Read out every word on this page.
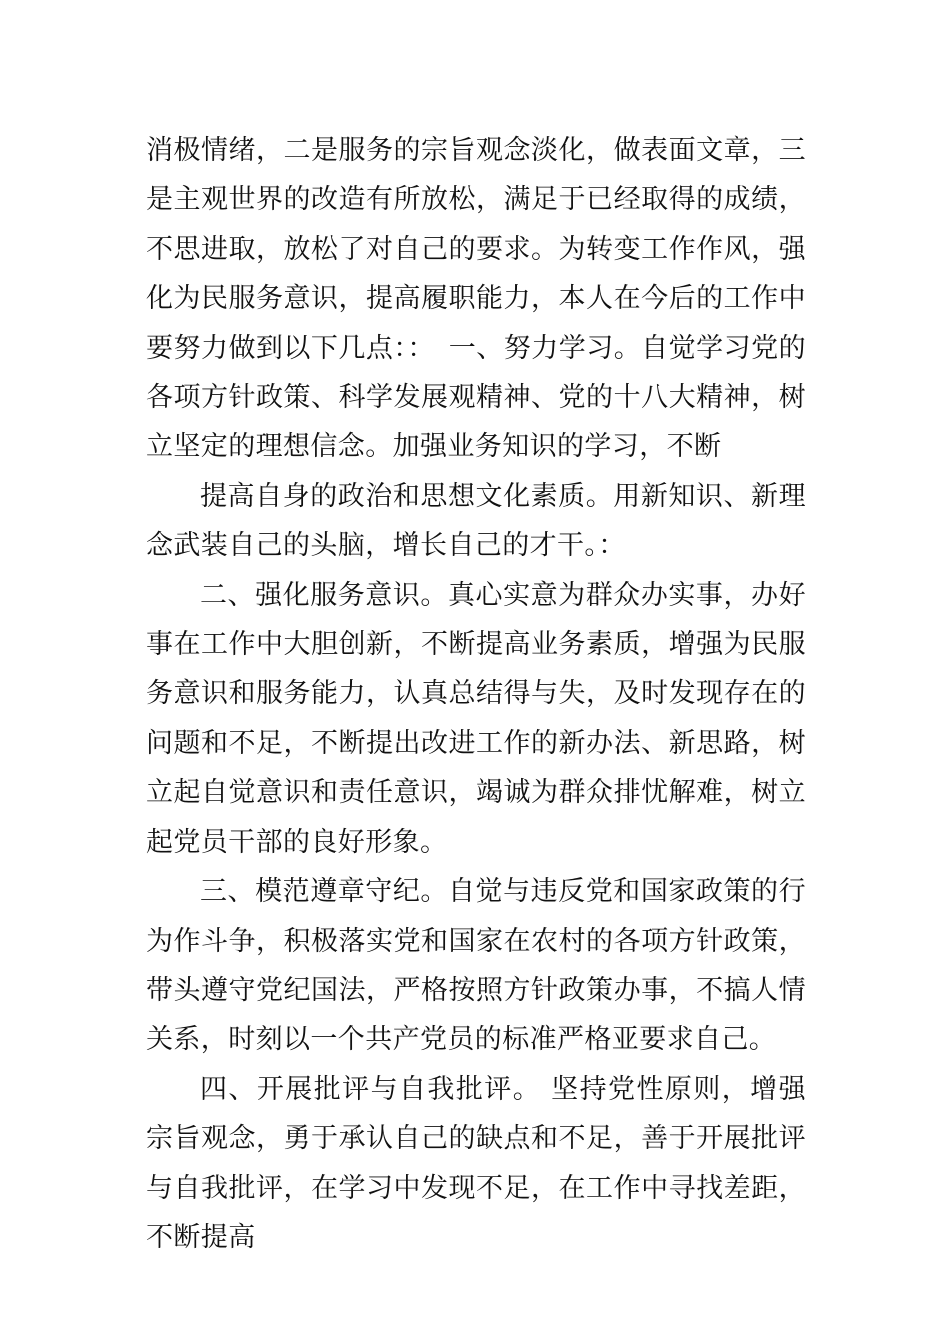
消极情绪，二是服务的宗旨观念淡化，做表面文章，三是主观世界的改造有所放松，满足于已经取得的成绩，不思进取，放松了对自己的要求。为转变工作作风，强化为民服务意识，提高履职能力，本人在今后的工作中要努力做到以下几点：：　一、努力学习。自觉学习党的各项方针政策、科学发展观精神、党的十八大精神，树立坚定的理想信念。加强业务知识的学习，不断

提高自身的政治和思想文化素质。用新知识、新理念武装自己的头脑，增长自己的才干。：

二、强化服务意识。真心实意为群众办实事，办好事在工作中大胆创新，不断提高业务素质，增强为民服务意识和服务能力，认真总结得与失，及时发现存在的问题和不足，不断提出改进工作的新办法、新思路，树立起自觉意识和责任意识，竭诚为群众排忧解难，树立起党员干部的良好形象。

三、模范遵章守纪。自觉与违反党和国家政策的行为作斗争，积极落实党和国家在农村的各项方针政策，带头遵守党纪国法，严格按照方针政策办事，不搞人情关系，时刻以一个共产党员的标准严格亚要求自己。

四、开展批评与自我批评。 坚持党性原则，增强宗旨观念，勇于承认自己的缺点和不足，善于开展批评与自我批评，在学习中发现不足，在工作中寻找差距，不断提高
